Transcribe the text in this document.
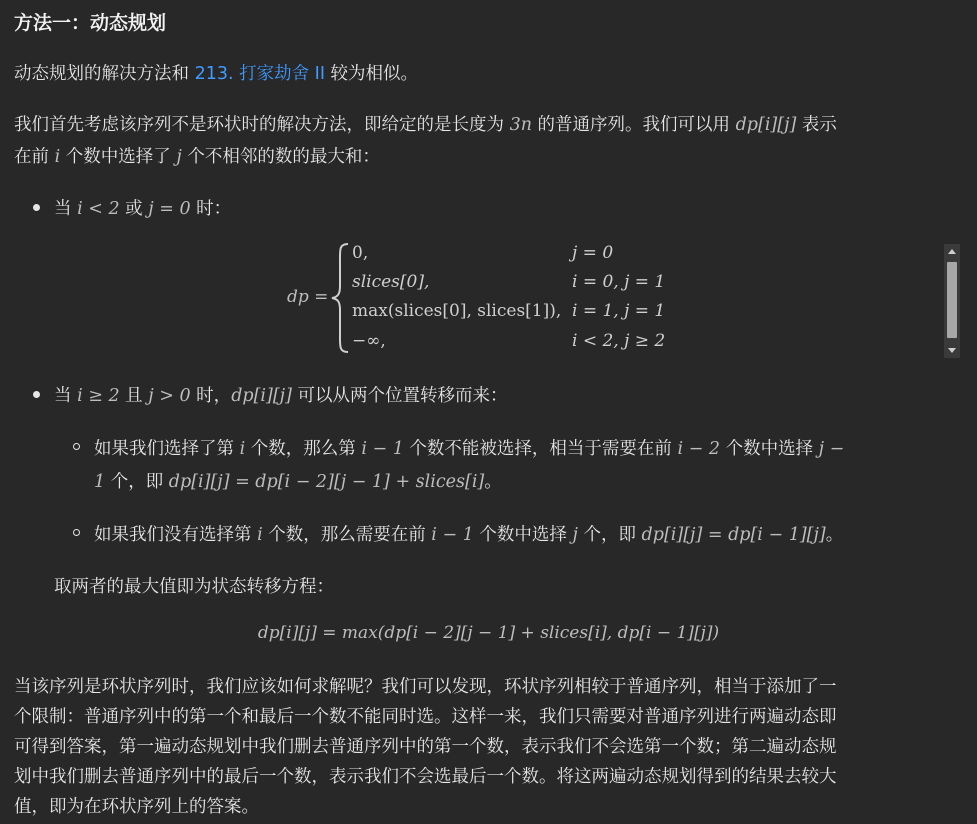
方法一：动态规划
动态规划的解决方法和 213. 打家劫舍 II 较为相似。
我们首先考虑该序列不是环状时的解决方法，即给定的是长度为 3n 的普通序列。我们可以用 dp[i][j] 表示
在前 i 个数中选择了 j 个不相邻的数的最大和：
当 i < 2 或 j = 0 时：
dp =
0,
slices[0],
max(slices[0], slices[1]),
−∞,
j = 0
i = 0, j = 1
i = 1, j = 1
i < 2, j ≥ 2
当 i ≥ 2 且 j > 0 时，dp[i][j] 可以从两个位置转移而来：
如果我们选择了第 i 个数，那么第 i − 1 个数不能被选择，相当于需要在前 i − 2 个数中选择 j −
1 个，即 dp[i][j] = dp[i − 2][j − 1] + slices[i]。
如果我们没有选择第 i 个数，那么需要在前 i − 1 个数中选择 j 个，即 dp[i][j] = dp[i − 1][j]。
取两者的最大值即为状态转移方程：
dp[i][j] = max(dp[i − 2][j − 1] + slices[i], dp[i − 1][j])
当该序列是环状序列时，我们应该如何求解呢？我们可以发现，环状序列相较于普通序列，相当于添加了一
个限制：普通序列中的第一个和最后一个数不能同时选。这样一来，我们只需要对普通序列进行两遍动态即
可得到答案，第一遍动态规划中我们删去普通序列中的第一个数，表示我们不会选第一个数；第二遍动态规
划中我们删去普通序列中的最后一个数，表示我们不会选最后一个数。将这两遍动态规划得到的结果去较大
值，即为在环状序列上的答案。
